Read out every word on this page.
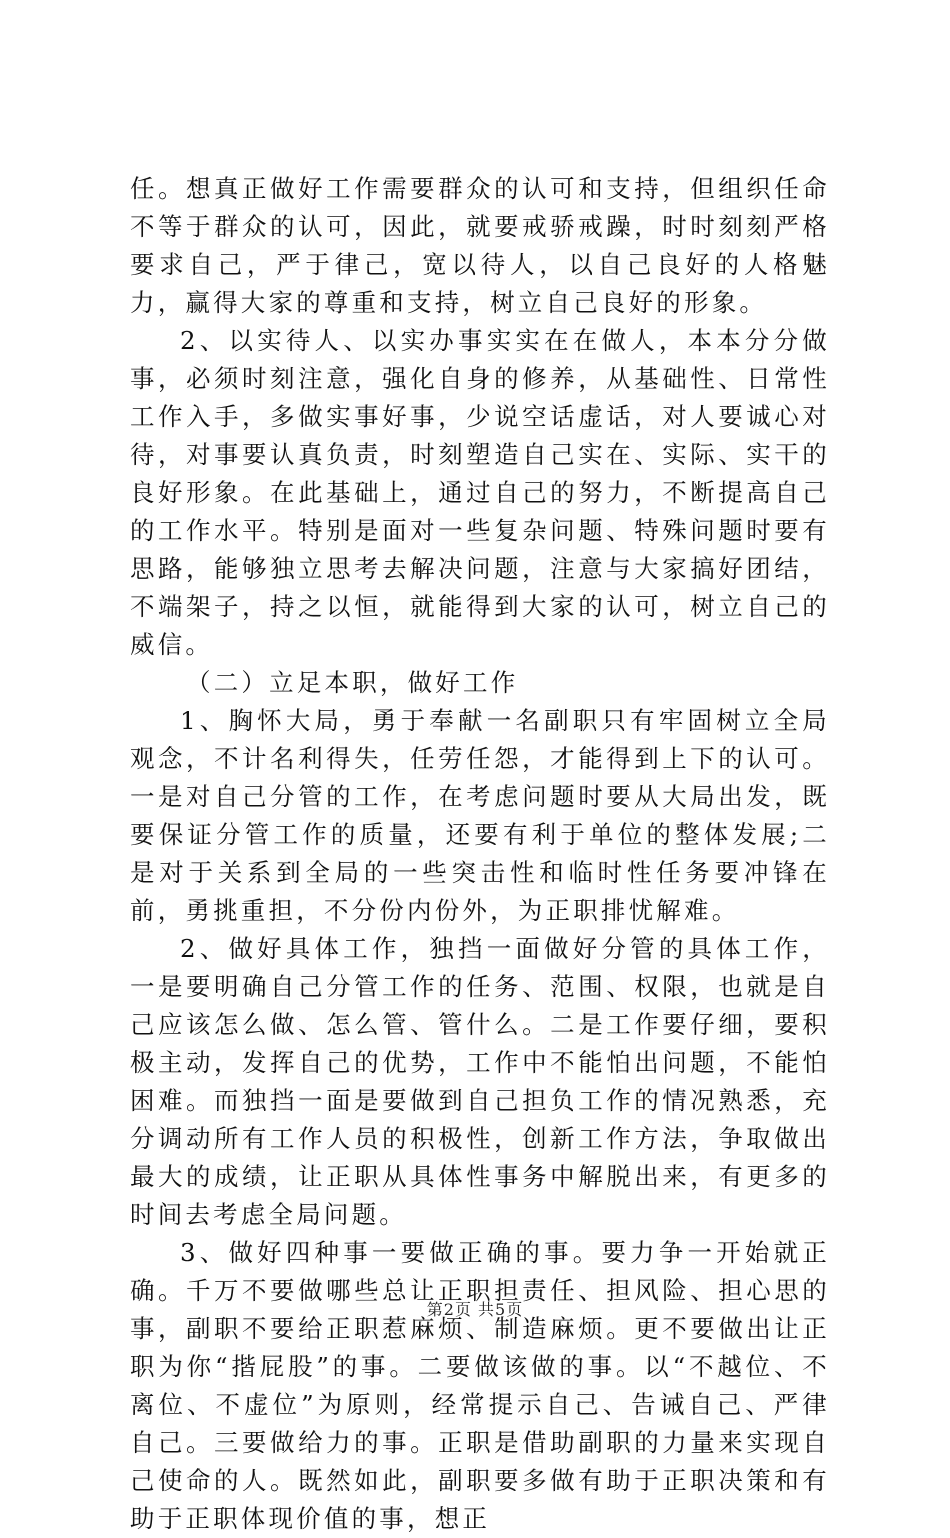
任。想真正做好工作需要群众的认可和支持，但组织任命不等于群众的认可，因此，就要戒骄戒躁，时时刻刻严格要求自己，严于律己，宽以待人，以自己良好的人格魅力，赢得大家的尊重和支持，树立自己良好的形象。

2、以实待人、以实办事实实在在做人，本本分分做事，必须时刻注意，强化自身的修养，从基础性、日常性工作入手，多做实事好事，少说空话虚话，对人要诚心对待，对事要认真负责，时刻塑造自己实在、实际、实干的良好形象。在此基础上，通过自己的努力，不断提高自己的工作水平。特别是面对一些复杂问题、特殊问题时要有思路，能够独立思考去解决问题，注意与大家搞好团结，不端架子，持之以恒，就能得到大家的认可，树立自己的威信。

（二）立足本职，做好工作

1、胸怀大局，勇于奉献一名副职只有牢固树立全局观念，不计名利得失，任劳任怨，才能得到上下的认可。一是对自己分管的工作，在考虑问题时要从大局出发，既要保证分管工作的质量，还要有利于单位的整体发展;二是对于关系到全局的一些突击性和临时性任务要冲锋在前，勇挑重担，不分份内份外，为正职排忧解难。

2、做好具体工作，独挡一面做好分管的具体工作，一是要明确自己分管工作的任务、范围、权限，也就是自己应该怎么做、怎么管、管什么。二是工作要仔细，要积极主动，发挥自己的优势，工作中不能怕出问题，不能怕困难。而独挡一面是要做到自己担负工作的情况熟悉，充分调动所有工作人员的积极性，创新工作方法，争取做出最大的成绩，让正职从具体性事务中解脱出来，有更多的时间去考虑全局问题。

3、做好四种事一要做正确的事。要力争一开始就正确。千万不要做哪些总让正职担责任、担风险、担心思的事，副职不要给正职惹麻烦、制造麻烦。更不要做出让正职为你“揩屁股”的事。二要做该做的事。以“不越位、不离位、不虚位”为原则，经常提示自己、告诫自己、严律自己。三要做给力的事。正职是借助副职的力量来实现自己使命的人。既然如此，副职要多做有助于正职决策和有助于正职体现价值的事，想正

第2页 共5页
